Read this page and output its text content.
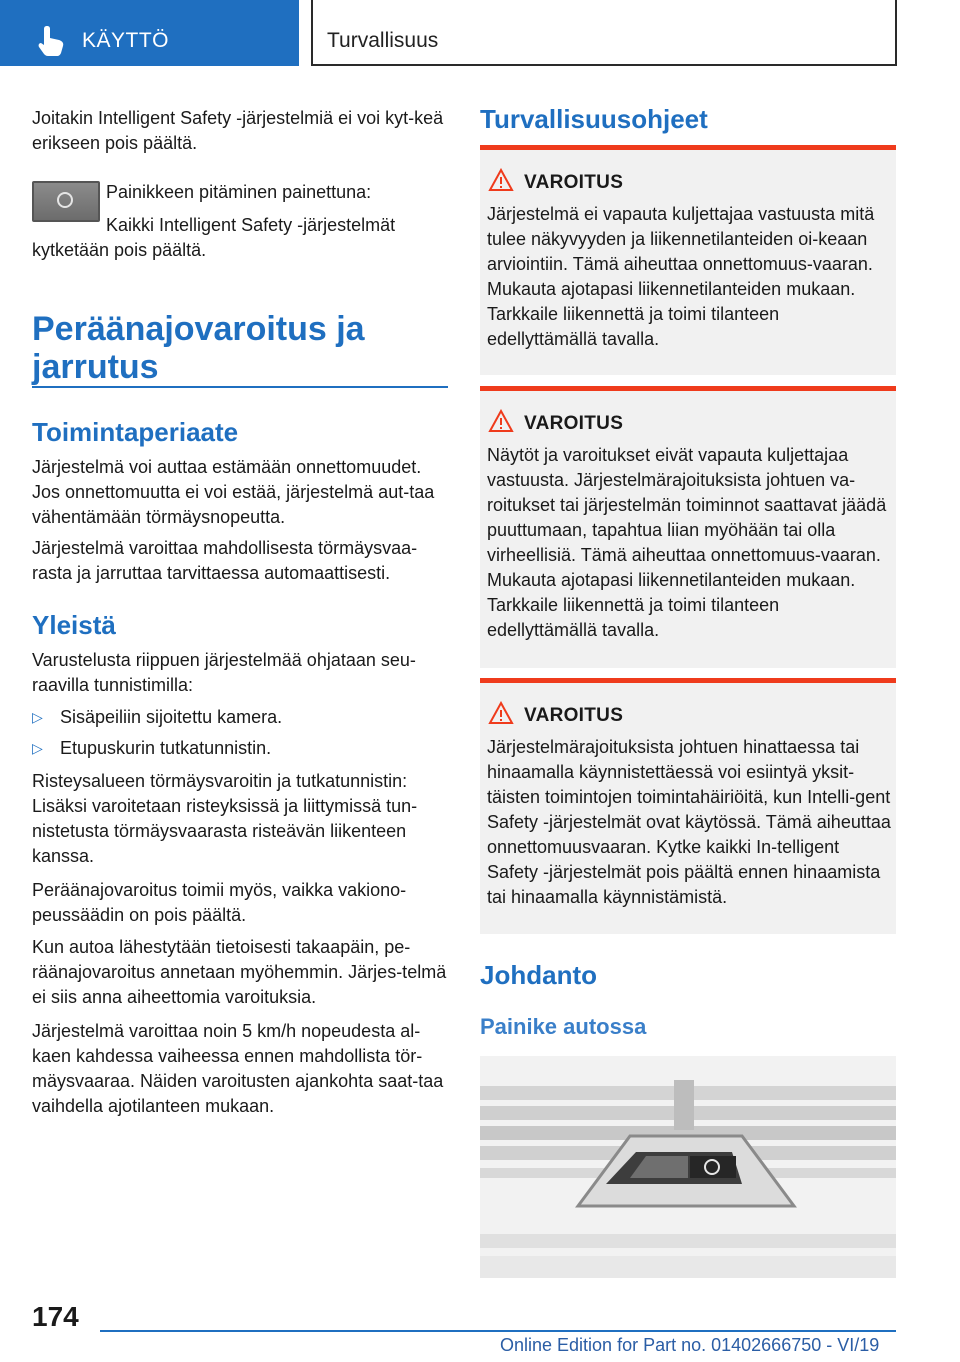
KÄYTTÖ	Turvallisuus

Joitakin Intelligent Safety -järjestelmiä ei voi kyt-keä erikseen pois päältä.

Painikkeen pitäminen painettuna:

Kaikki Intelligent Safety -järjestelmät

kytketään pois päältä.

Peräänajovaroitus ja
jarrutus
Toimintaperiaate

Järjestelmä voi auttaa estämään onnettomuudet. Jos onnettomuutta ei voi estää, järjestelmä aut-taa vähentämään törmäysnopeutta.

Järjestelmä varoittaa mahdollisesta törmäysvaa-rasta ja jarruttaa tarvittaessa automaattisesti.

Yleistä

Varustelusta riippuen järjestelmää ohjataan seu-raavilla tunnistimilla:

▷ Sisäpeiliin sijoitettu kamera.
▷ Etupuskurin tutkatunnistin.

Risteysalueen törmäysvaroitin ja tutkatunnistin: Lisäksi varoitetaan risteyksissä ja liittymissä tun-nistetusta törmäysvaarasta risteävän liikenteen kanssa.

Peräänajovaroitus toimii myös, vaikka vakiono-peussäädin on pois päältä.

Kun autoa lähestytään tietoisesti takaapäin, pe-räänajovaroitus annetaan myöhemmin. Järjes-telmä ei siis anna aiheettomia varoituksia.

Järjestelmä varoittaa noin 5 km/h nopeudesta al-kaen kahdessa vaiheessa ennen mahdollista tör-mäysvaaraa. Näiden varoitusten ajankohta saat-taa vaihdella ajotilanteen mukaan.

Turvallisuusohjeet
VAROITUS
Järjestelmä ei vapauta kuljettajaa vastuusta mitä tulee näkyvyyden ja liikennetilanteiden oi-keaan arviointiin. Tämä aiheuttaa onnettomuus-vaaran. Mukauta ajotapasi liikennetilanteiden mukaan. Tarkkaile liikennettä ja toimi tilanteen edellyttämällä tavalla.
VAROITUS
Näytöt ja varoitukset eivät vapauta kuljettajaa vastuusta. Järjestelmärajoituksista johtuen va-roitukset tai järjestelmän toiminnot saattavat jäädä puuttumaan, tapahtua liian myöhään tai olla virheellisiä. Tämä aiheuttaa onnettomuus-vaaran. Mukauta ajotapasi liikennetilanteiden mukaan. Tarkkaile liikennettä ja toimi tilanteen edellyttämällä tavalla.
VAROITUS
Järjestelmärajoituksista johtuen hinattaessa tai hinaamalla käynnistettäessä voi esiintyä yksit-täisten toimintojen toimintahäiriöitä, kun Intelli-gent Safety -järjestelmät ovat käytössä. Tämä aiheuttaa onnettomuusvaaran. Kytke kaikki In-telligent Safety -järjestelmät pois päältä ennen hinaamista tai hinaamalla käynnistämistä.
Johdanto
Painike autossa
174
Online Edition for Part no. 01402666750 - VI/19
